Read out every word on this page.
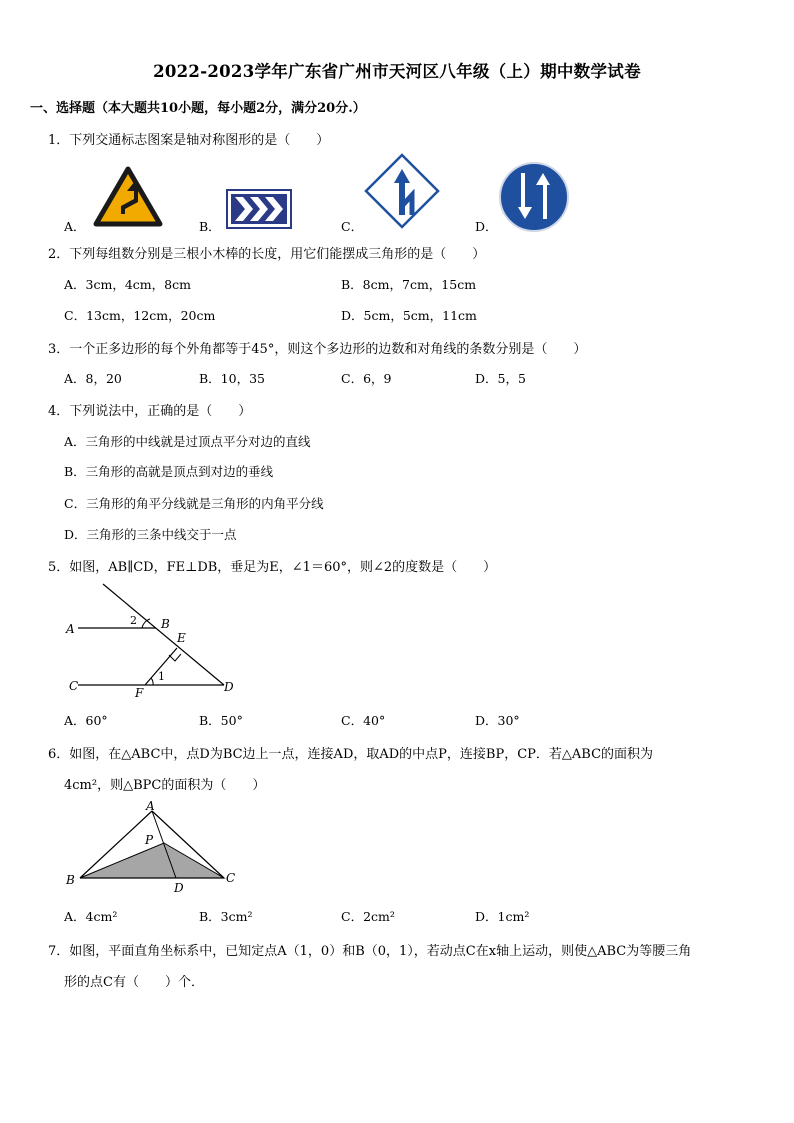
2022-2023学年广东省广州市天河区八年级（上）期中数学试卷
一、选择题（本大题共10小题，每小题2分，满分20分.）
1．下列交通标志图案是轴对称图形的是（　　）
A．	B．	C．	D．
2．下列每组数分别是三根小木棒的长度，用它们能摆成三角形的是（　　）
A．3cm，4cm，8cm	B．8cm，7cm，15cm
C．13cm，12cm，20cm	D．5cm，5cm，11cm
3．一个正多边形的每个外角都等于45°，则这个多边形的边数和对角线的条数分别是（　　）
A．8，20	B．10，35	C．6，9	D．5，5
4．下列说法中，正确的是（　　）
A．三角形的中线就是过顶点平分对边的直线
B．三角形的高就是顶点到对边的垂线
C．三角形的角平分线就是三角形的内角平分线
D．三角形的三条中线交于一点
5．如图，AB∥CD，FE⊥DB，垂足为E，∠1＝60°，则∠2的度数是（　　）
A	B
E
C	F	D
1
2
A．60°	B．50°	C．40°	D．30°
6．如图，在△ABC中，点D为BC边上一点，连接AD，取AD的中点P，连接BP，CP．若△ABC的面积为
4cm²，则△BPC的面积为（　　）
A
P
B
D
C
A．4cm²	B．3cm²	C．2cm²	D．1cm²
7．如图，平面直角坐标系中，已知定点A（1，0）和B（0，1），若动点C在x轴上运动，则使△ABC为等腰三角
形的点C有（　　）个．
